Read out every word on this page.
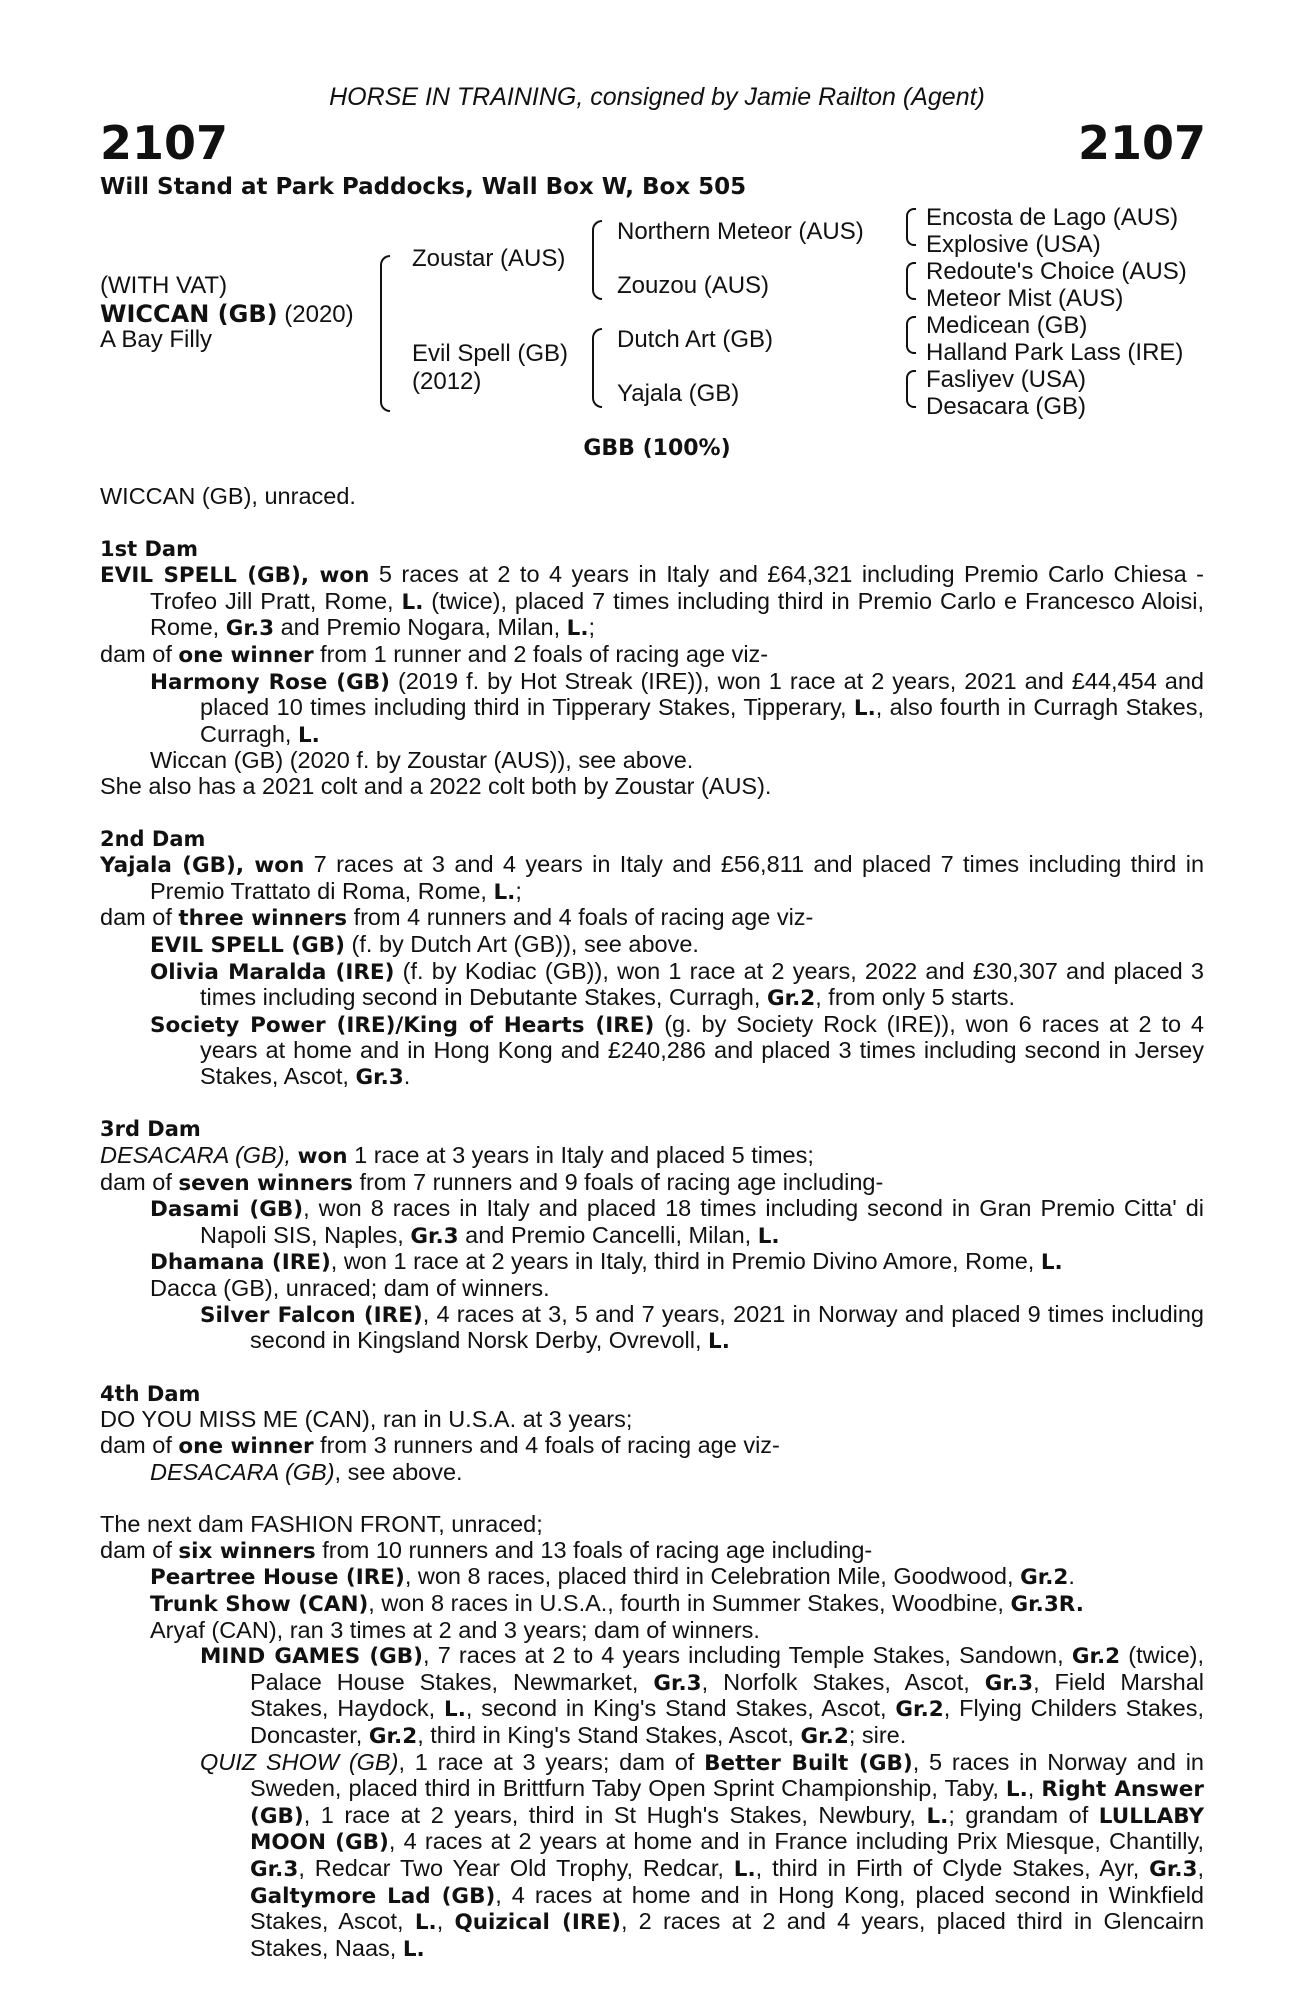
HORSE IN TRAINING, consigned by Jamie Railton (Agent)
2107	2107
Will Stand at Park Paddocks, Wall Box W, Box 505
(WITH VAT)
WICCAN (GB) (2020)
A Bay Filly
Zoustar (AUS)
Evil Spell (GB)
(2012)
Northern Meteor (AUS)
Zouzou (AUS)
Dutch Art (GB)
Yajala (GB)
Encosta de Lago (AUS)
Explosive (USA)
Redoute's Choice (AUS)
Meteor Mist (AUS)
Medicean (GB)
Halland Park Lass (IRE)
Fasliyev (USA)
Desacara (GB)
GBB (100%)
WICCAN (GB), unraced.
1st Dam
EVIL SPELL (GB), won 5 races at 2 to 4 years in Italy and £64,321 including Premio Carlo Chiesa - Trofeo Jill Pratt, Rome, L. (twice), placed 7 times including third in Premio Carlo e Francesco Aloisi, Rome, Gr.3 and Premio Nogara, Milan, L.;
dam of one winner from 1 runner and 2 foals of racing age viz-
Harmony Rose (GB) (2019 f. by Hot Streak (IRE)), won 1 race at 2 years, 2021 and £44,454 and placed 10 times including third in Tipperary Stakes, Tipperary, L., also fourth in Curragh Stakes, Curragh, L.
Wiccan (GB) (2020 f. by Zoustar (AUS)), see above.
She also has a 2021 colt and a 2022 colt both by Zoustar (AUS).
2nd Dam
Yajala (GB), won 7 races at 3 and 4 years in Italy and £56,811 and placed 7 times including third in Premio Trattato di Roma, Rome, L.;
dam of three winners from 4 runners and 4 foals of racing age viz-
EVIL SPELL (GB) (f. by Dutch Art (GB)), see above.
Olivia Maralda (IRE) (f. by Kodiac (GB)), won 1 race at 2 years, 2022 and £30,307 and placed 3 times including second in Debutante Stakes, Curragh, Gr.2, from only 5 starts.
Society Power (IRE)/King of Hearts (IRE) (g. by Society Rock (IRE)), won 6 races at 2 to 4 years at home and in Hong Kong and £240,286 and placed 3 times including second in Jersey Stakes, Ascot, Gr.3.
3rd Dam
DESACARA (GB), won 1 race at 3 years in Italy and placed 5 times;
dam of seven winners from 7 runners and 9 foals of racing age including-
Dasami (GB), won 8 races in Italy and placed 18 times including second in Gran Premio Citta' di Napoli SIS, Naples, Gr.3 and Premio Cancelli, Milan, L.
Dhamana (IRE), won 1 race at 2 years in Italy, third in Premio Divino Amore, Rome, L.
Dacca (GB), unraced; dam of winners.
Silver Falcon (IRE), 4 races at 3, 5 and 7 years, 2021 in Norway and placed 9 times including second in Kingsland Norsk Derby, Ovrevoll, L.
4th Dam
DO YOU MISS ME (CAN), ran in U.S.A. at 3 years;
dam of one winner from 3 runners and 4 foals of racing age viz-
DESACARA (GB), see above.
The next dam FASHION FRONT, unraced;
dam of six winners from 10 runners and 13 foals of racing age including-
Peartree House (IRE), won 8 races, placed third in Celebration Mile, Goodwood, Gr.2.
Trunk Show (CAN), won 8 races in U.S.A., fourth in Summer Stakes, Woodbine, Gr.3R.
Aryaf (CAN), ran 3 times at 2 and 3 years; dam of winners.
MIND GAMES (GB), 7 races at 2 to 4 years including Temple Stakes, Sandown, Gr.2 (twice), Palace House Stakes, Newmarket, Gr.3, Norfolk Stakes, Ascot, Gr.3, Field Marshal Stakes, Haydock, L., second in King's Stand Stakes, Ascot, Gr.2, Flying Childers Stakes, Doncaster, Gr.2, third in King's Stand Stakes, Ascot, Gr.2; sire.
QUIZ SHOW (GB), 1 race at 3 years; dam of Better Built (GB), 5 races in Norway and in Sweden, placed third in Brittfurn Taby Open Sprint Championship, Taby, L., Right Answer (GB), 1 race at 2 years, third in St Hugh's Stakes, Newbury, L.; grandam of LULLABY MOON (GB), 4 races at 2 years at home and in France including Prix Miesque, Chantilly, Gr.3, Redcar Two Year Old Trophy, Redcar, L., third in Firth of Clyde Stakes, Ayr, Gr.3, Galtymore Lad (GB), 4 races at home and in Hong Kong, placed second in Winkfield Stakes, Ascot, L., Quizical (IRE), 2 races at 2 and 4 years, placed third in Glencairn Stakes, Naas, L.
